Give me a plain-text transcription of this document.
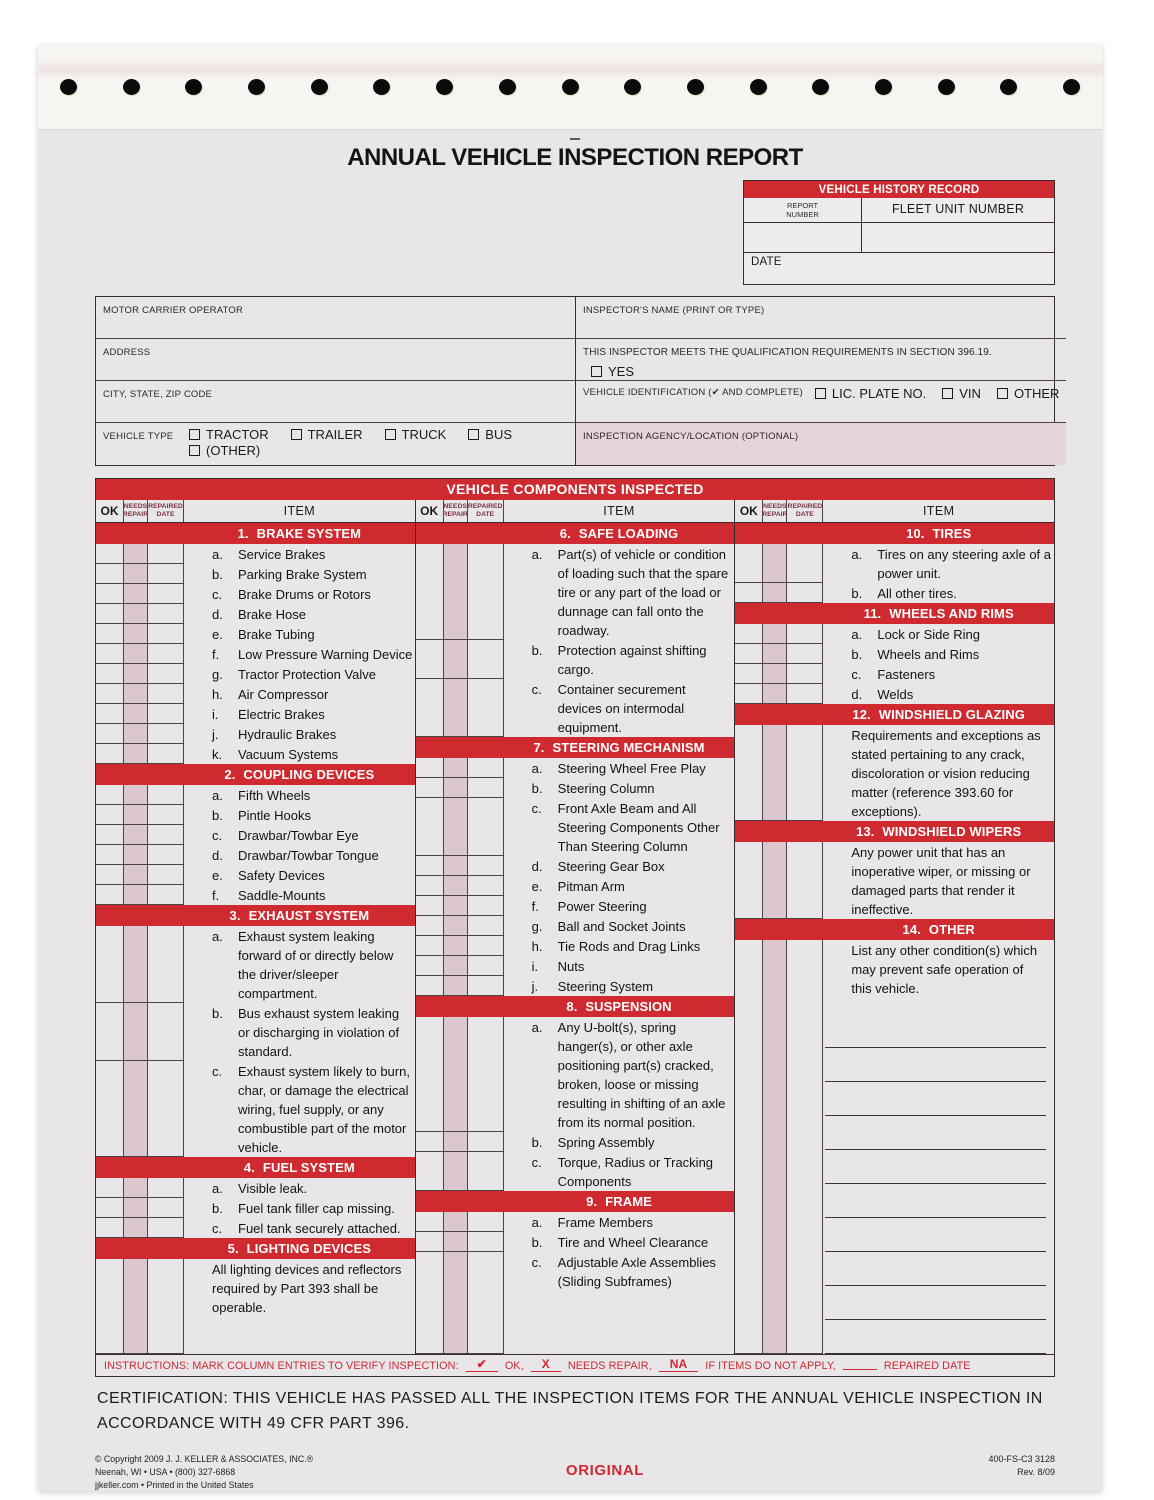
ANNUAL VEHICLE INSPECTION REPORT
VEHICLE HISTORY RECORD
REPORT NUMBER	FLEET UNIT NUMBER
DATE
MOTOR CARRIER OPERATOR
ADDRESS
CITY, STATE, ZIP CODE
VEHICLE TYPE	TRACTOR	TRAILER	TRUCK	BUS
(OTHER)
INSPECTOR'S NAME (PRINT OR TYPE)
THIS INSPECTOR MEETS THE QUALIFICATION REQUIREMENTS IN SECTION 396.19.
YES
VEHICLE IDENTIFICATION (✔ AND COMPLETE)	LIC. PLATE NO.	VIN	OTHER
INSPECTION AGENCY/LOCATION (OPTIONAL)
VEHICLE COMPONENTS INSPECTED
OK NEEDS REPAIR
REPAIRED DATE	ITEM	OK NEEDS REPAIR
REPAIRED DATE	ITEM	OK NEEDS REPAIR
REPAIRED DATE	ITEM
1. BRAKE SYSTEM
a.	Service Brakes
b.	Parking Brake System
c.	Brake Drums or Rotors
d.	Brake Hose
e.	Brake Tubing
f.	Low Pressure Warning Device
g.	Tractor Protection Valve
h.	Air Compressor
i.	Electric Brakes
j.	Hydraulic Brakes
k.	Vacuum Systems
2. COUPLING DEVICES
a.	Fifth Wheels
b.	Pintle Hooks
c.	Drawbar/Towbar Eye
d.	Drawbar/Towbar Tongue
e.	Safety Devices
f.	Saddle-Mounts
3. EXHAUST SYSTEM
a.	Exhaust system leaking forward of or directly below the driver/sleeper compartment.
b.	Bus exhaust system leaking or discharging in violation of standard.
c.	Exhaust system likely to burn, char, or damage the electrical wiring, fuel supply, or any combustible part of the motor vehicle.
4. FUEL SYSTEM
a.	Visible leak.
b.	Fuel tank filler cap missing.
c.	Fuel tank securely attached.
5. LIGHTING DEVICES
All lighting devices and reflectors required by Part 393 shall be operable.
6. SAFE LOADING
a.	Part(s) of vehicle or condition of loading such that the spare tire or any part of the load or dunnage can fall onto the roadway.
b.	Protection against shifting cargo.
c.	Container securement devices on intermodal equipment.
7. STEERING MECHANISM
a.	Steering Wheel Free Play
b.	Steering Column
c.	Front Axle Beam and All Steering Components Other Than Steering Column
d.	Steering Gear Box
e.	Pitman Arm
f.	Power Steering
g.	Ball and Socket Joints
h.	Tie Rods and Drag Links
i.	Nuts
j.	Steering System
8. SUSPENSION
a.	Any U-bolt(s), spring hanger(s), or other axle positioning part(s) cracked, broken, loose or missing resulting in shifting of an axle from its normal position.
b.	Spring Assembly
c.	Torque, Radius or Tracking Components
9. FRAME
a.	Frame Members
b.	Tire and Wheel Clearance
c.	Adjustable Axle Assemblies (Sliding Subframes)
10. TIRES
a.	Tires on any steering axle of a power unit.
b.	All other tires.
11. WHEELS AND RIMS
a.	Lock or Side Ring
b.	Wheels and Rims
c.	Fasteners
d.	Welds
12. WINDSHIELD GLAZING
Requirements and exceptions as stated pertaining to any crack, discoloration or vision reducing matter (reference 393.60 for exceptions).
13. WINDSHIELD WIPERS
Any power unit that has an inoperative wiper, or missing or damaged parts that render it ineffective.
14. OTHER
List any other condition(s) which may prevent safe operation of this vehicle.
INSTRUCTIONS: MARK COLUMN ENTRIES TO VERIFY INSPECTION:	✔	OK,	X	NEEDS REPAIR,	NA	IF ITEMS DO NOT APPLY,	REPAIRED DATE
CERTIFICATION: THIS VEHICLE HAS PASSED ALL THE INSPECTION ITEMS FOR THE ANNUAL VEHICLE INSPECTION IN ACCORDANCE WITH 49 CFR PART 396.
© Copyright 2009 J. J. KELLER & ASSOCIATES, INC.®
Neenah, WI • USA • (800) 327-6868
jjkeller.com • Printed in the United States
ORIGINAL
400-FS-C3 3128
Rev. 8/09
